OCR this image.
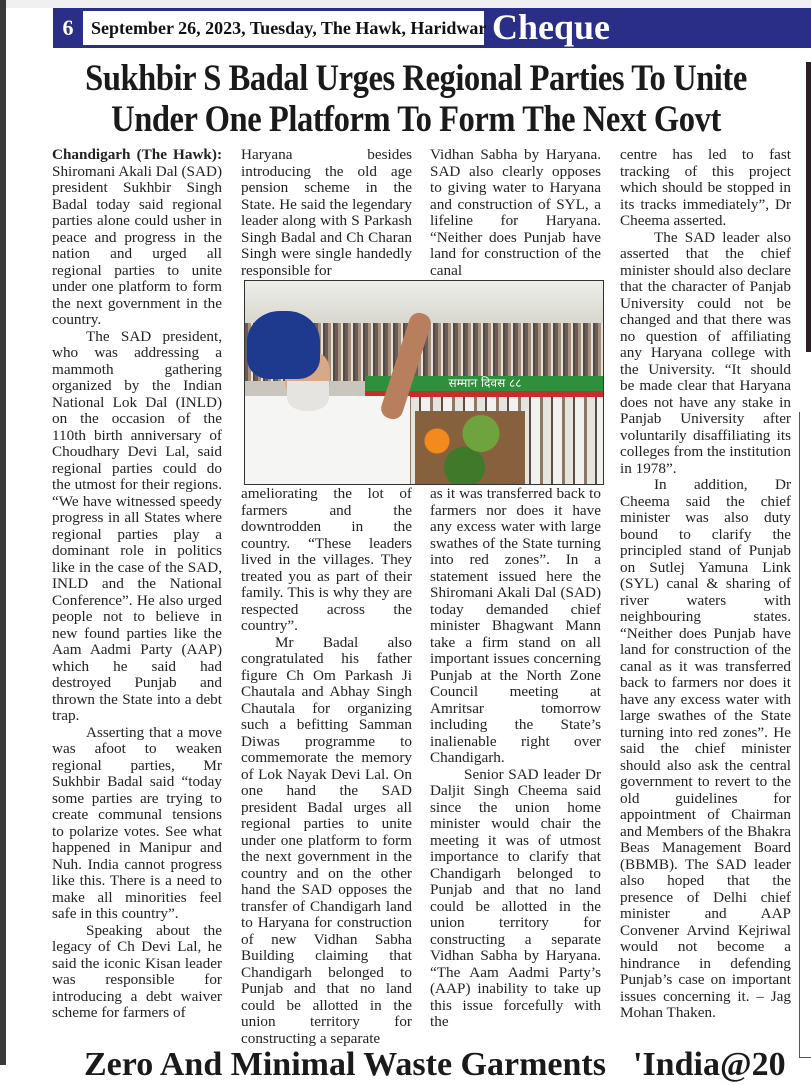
6 September 26, 2023, Tuesday, The Hawk, Haridwar Cheque
Sukhbir S Badal Urges Regional Parties To Unite
Under One Platform To Form The Next Govt

Chandigarh (The Hawk): Shiromani Akali Dal (SAD) president Sukhbir Singh Badal today said regional parties alone could usher in peace and progress in the nation and urged all regional parties to unite under one platform to form the next government in the country.

The SAD president, who was addressing a mammoth gathering organized by the Indian National Lok Dal (INLD) on the occasion of the 110th birth anniversary of Choudhary Devi Lal, said regional parties could do the utmost for their regions. “We have witnessed speedy progress in all States where regional parties play a dominant role in politics like in the case of the SAD, INLD and the National Conference”. He also urged people not to believe in new found parties like the Aam Aadmi Party (AAP) which he said had destroyed Punjab and thrown the State into a debt trap.

Asserting that a move was afoot to weaken regional parties, Mr Sukhbir Badal said “today some parties are trying to create communal tensions to polarize votes. See what happened in Manipur and Nuh. India cannot progress like this. There is a need to make all minorities feel safe in this country”.

Speaking about the legacy of Ch Devi Lal, he said the iconic Kisan leader was responsible for introducing a debt waiver scheme for farmers of

Haryana besides introducing the old age pension scheme in the State. He said the legendary leader along with S Parkash Singh Badal and Ch Charan Singh were single handedly responsible for

Vidhan Sabha by Haryana. SAD also clearly opposes to giving water to Haryana and construction of SYL, a lifeline for Haryana. “Neither does Punjab have land for construction of the canal

सम्मान दिवस ८८

ameliorating the lot of farmers and the downtrodden in the country. “These leaders lived in the villages. They treated you as part of their family. This is why they are respected across the country”.

Mr Badal also congratulated his father figure Ch Om Parkash Ji Chautala and Abhay Singh Chautala for organizing such a befitting Samman Diwas programme to commemorate the memory of Lok Nayak Devi Lal. On one hand the SAD president Badal urges all regional parties to unite under one platform to form the next government in the country and on the other hand the SAD opposes the transfer of Chandigarh land to Haryana for construction of new Vidhan Sabha Building claiming that Chandigarh belonged to Punjab and that no land could be allotted in the union territory for constructing a separate

as it was transferred back to farmers nor does it have any excess water with large swathes of the State turning into red zones”. In a statement issued here the Shiromani Akali Dal (SAD) today demanded chief minister Bhagwant Mann take a firm stand on all important issues concerning Punjab at the North Zone Council meeting at Amritsar tomorrow including the State’s inalienable right over Chandigarh.

Senior SAD leader Dr Daljit Singh Cheema said since the union home minister would chair the meeting it was of utmost importance to clarify that Chandigarh belonged to Punjab and that no land could be allotted in the union territory for constructing a separate Vidhan Sabha by Haryana. “The Aam Aadmi Party’s (AAP) inability to take up this issue forcefully with the

centre has led to fast tracking of this project which should be stopped in its tracks immediately”, Dr Cheema asserted.

The SAD leader also asserted that the chief minister should also declare that the character of Panjab University could not be changed and that there was no question of affiliating any Haryana college with the University. “It should be made clear that Haryana does not have any stake in Panjab University after voluntarily disaffiliating its colleges from the institution in 1978”.

In addition, Dr Cheema said the chief minister was also duty bound to clarify the principled stand of Punjab on Sutlej Yamuna Link (SYL) canal & sharing of river waters with neighbouring states. “Neither does Punjab have land for construction of the canal as it was transferred back to farmers nor does it have any excess water with large swathes of the State turning into red zones”. He said the chief minister should also ask the central government to revert to the old guidelines for appointment of Chairman and Members of the Bhakra Beas Management Board (BBMB). The SAD leader also hoped that the presence of Delhi chief minister and AAP Convener Arvind Kejriwal would not become a hindrance in defending Punjab’s case on important issues concerning it. – Jag Mohan Thaken.

Zero And Minimal Waste Garments 'India@20
